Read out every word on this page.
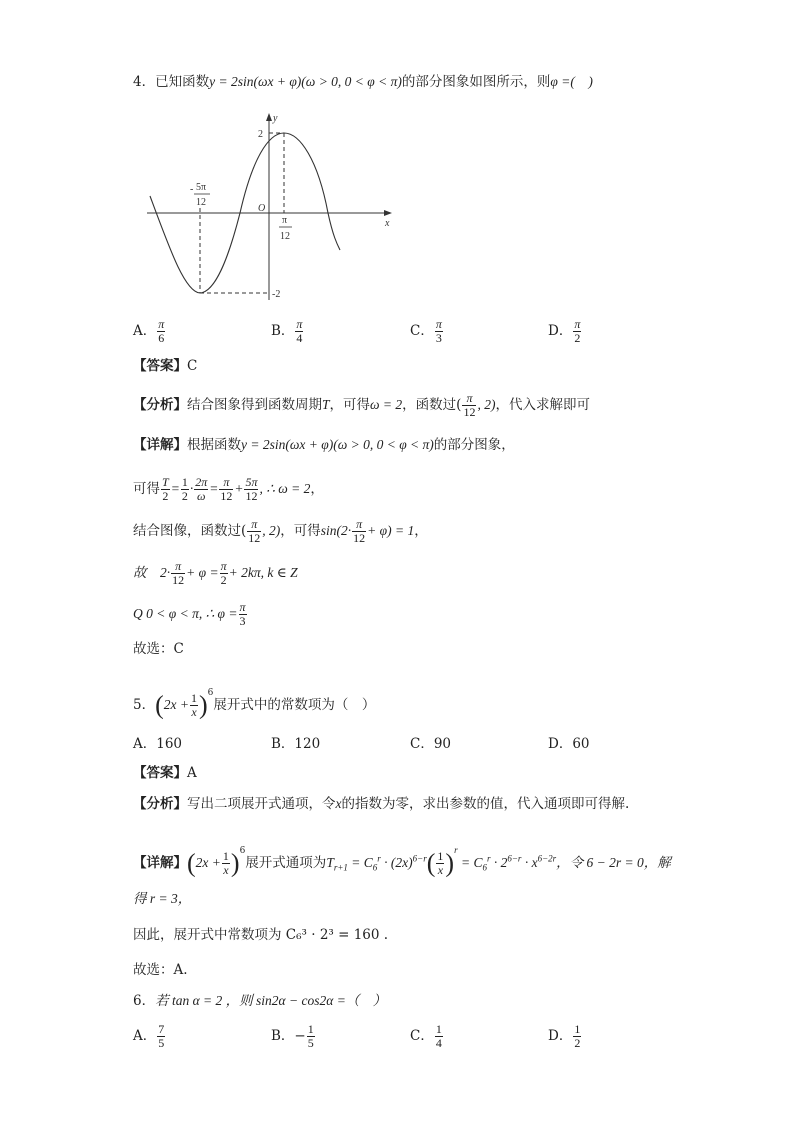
4．已知函数y = 2sin(ωx + φ)(ω > 0, 0 < φ < π)的部分图象如图所示，则φ =(　)
y
x
O
2
-2
- 5π
12
π
12
A． $\frac{\pi}{6}$	B． $\frac{\pi}{4}$	C． $\frac{\pi}{3}$	D． $\frac{\pi}{2}$
【答案】C
【分析】结合图象得到函数周期T，可得ω = 2，函数过( $\frac{\pi}{12}$ , 2)，代入求解即可
【详解】根据函数y = 2sin(ωx + φ)(ω > 0, 0 < φ < π)的部分图象，
可得 $\frac{T}{2} = \frac{1}{2} \cdot \frac{2\pi}{\omega} = \frac{\pi}{12} + \frac{5\pi}{12}$ , ∴ ω = 2，
结合图像，函数过( $\frac{\pi}{12}$ , 2)，可得$\sin(2\cdot \frac{\pi}{12} + \varphi) = 1$，
故　$2\cdot \frac{\pi}{12} + \varphi = \frac{\pi}{2} + 2k\pi$, k ∈ Z
Q 0 < φ < π, ∴ $\varphi = \frac{\pi}{3}$
故选：C
5．$(2x + \frac{1}{x} )^6$展开式中的常数项为（　）
A．160	B．120	C．90	D．60
【答案】A
【分析】写出二项展开式通项，令x的指数为零，求出参数的值，代入通项即可得解.
【详解】$(2x + \frac{1}{x} )^6$展开式通项为$T_{r+1} = C_6^r \cdot (2x)^{6-r}( \frac{1}{x} )^r = C_6^r \cdot 2^{6-r} \cdot x^{6-2r}$，令 6 − 2r = 0，解
得 r = 3，
因此，展开式中常数项为 C₆³ · 2³ = 160 .
故选：A.
6．若 tan α = 2 ，则 sin2α − cos2α =（　）
A． $\frac{7}{5}$	B．− $\frac{1}{5}$	C． $\frac{1}{4}$	D． $\frac{1}{2}$
